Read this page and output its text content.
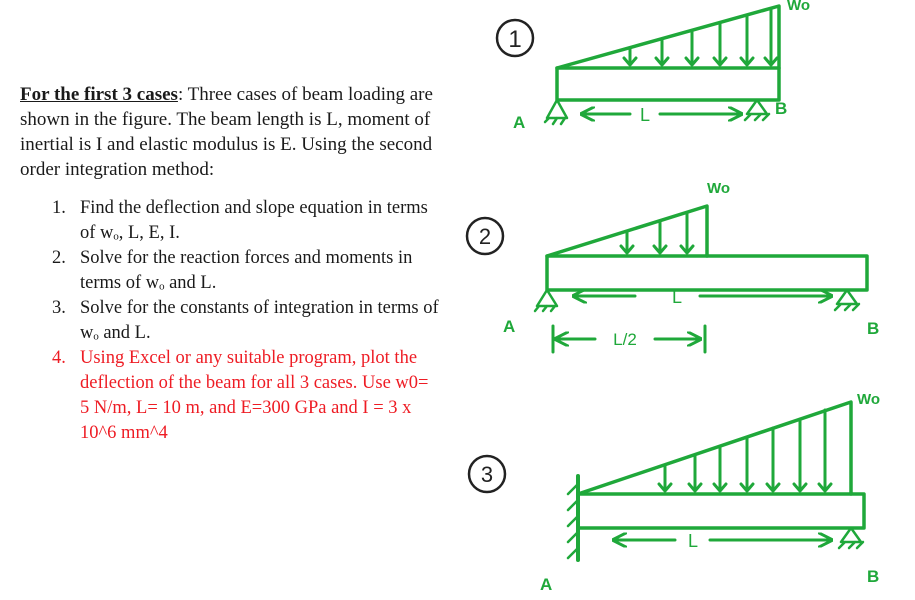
For the first 3 cases: Three cases of beam loading are shown in the figure. The beam length is L, moment of inertial is I and elastic modulus is E. Using the second order integration method:

1. Find the deflection and slope equation in terms of wₒ, L, E, I.
2. Solve for the reaction forces and moments in terms of wₒ and L.
3. Solve for the constants of integration in terms of wₒ and L.
4. Using Excel or any suitable program, plot the deflection of the beam for all 3 cases. Use w0= 5 N/m, L= 10 m, and E=300 GPa and I = 3 x 10^6 mm^4
1
Wo
L
A
B
2
Wo
L
L/2
A	B
3
Wo
L
A	B
